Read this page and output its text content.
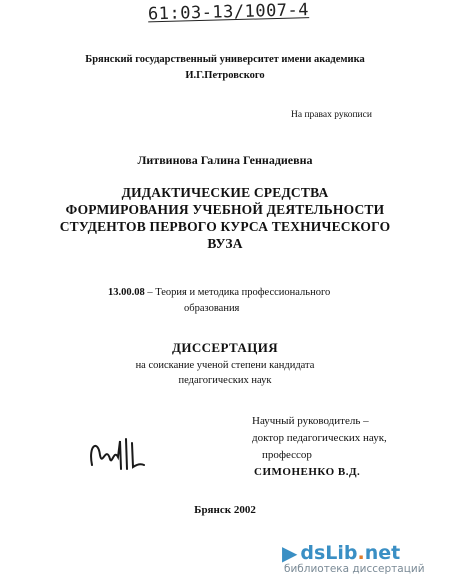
61:03-13/1007-4
Брянский государственный университет имени академика
И.Г.Петровского
На правах рукописи
Литвинова Галина Геннадиевна
ДИДАКТИЧЕСКИЕ СРЕДСТВА
ФОРМИРОВАНИЯ УЧЕБНОЙ ДЕЯТЕЛЬНОСТИ
СТУДЕНТОВ ПЕРВОГО КУРСА ТЕХНИЧЕСКОГО
ВУЗА
13.00.08 – Теория и методика профессионального
образования
ДИССЕРТАЦИЯ
на соискание ученой степени кандидата
педагогических наук
Научный руководитель –
доктор педагогических наук,
профессор
СИМОНЕНКО В.Д.
Брянск 2002
▶ dsLib.net
библиотека диссертаций
